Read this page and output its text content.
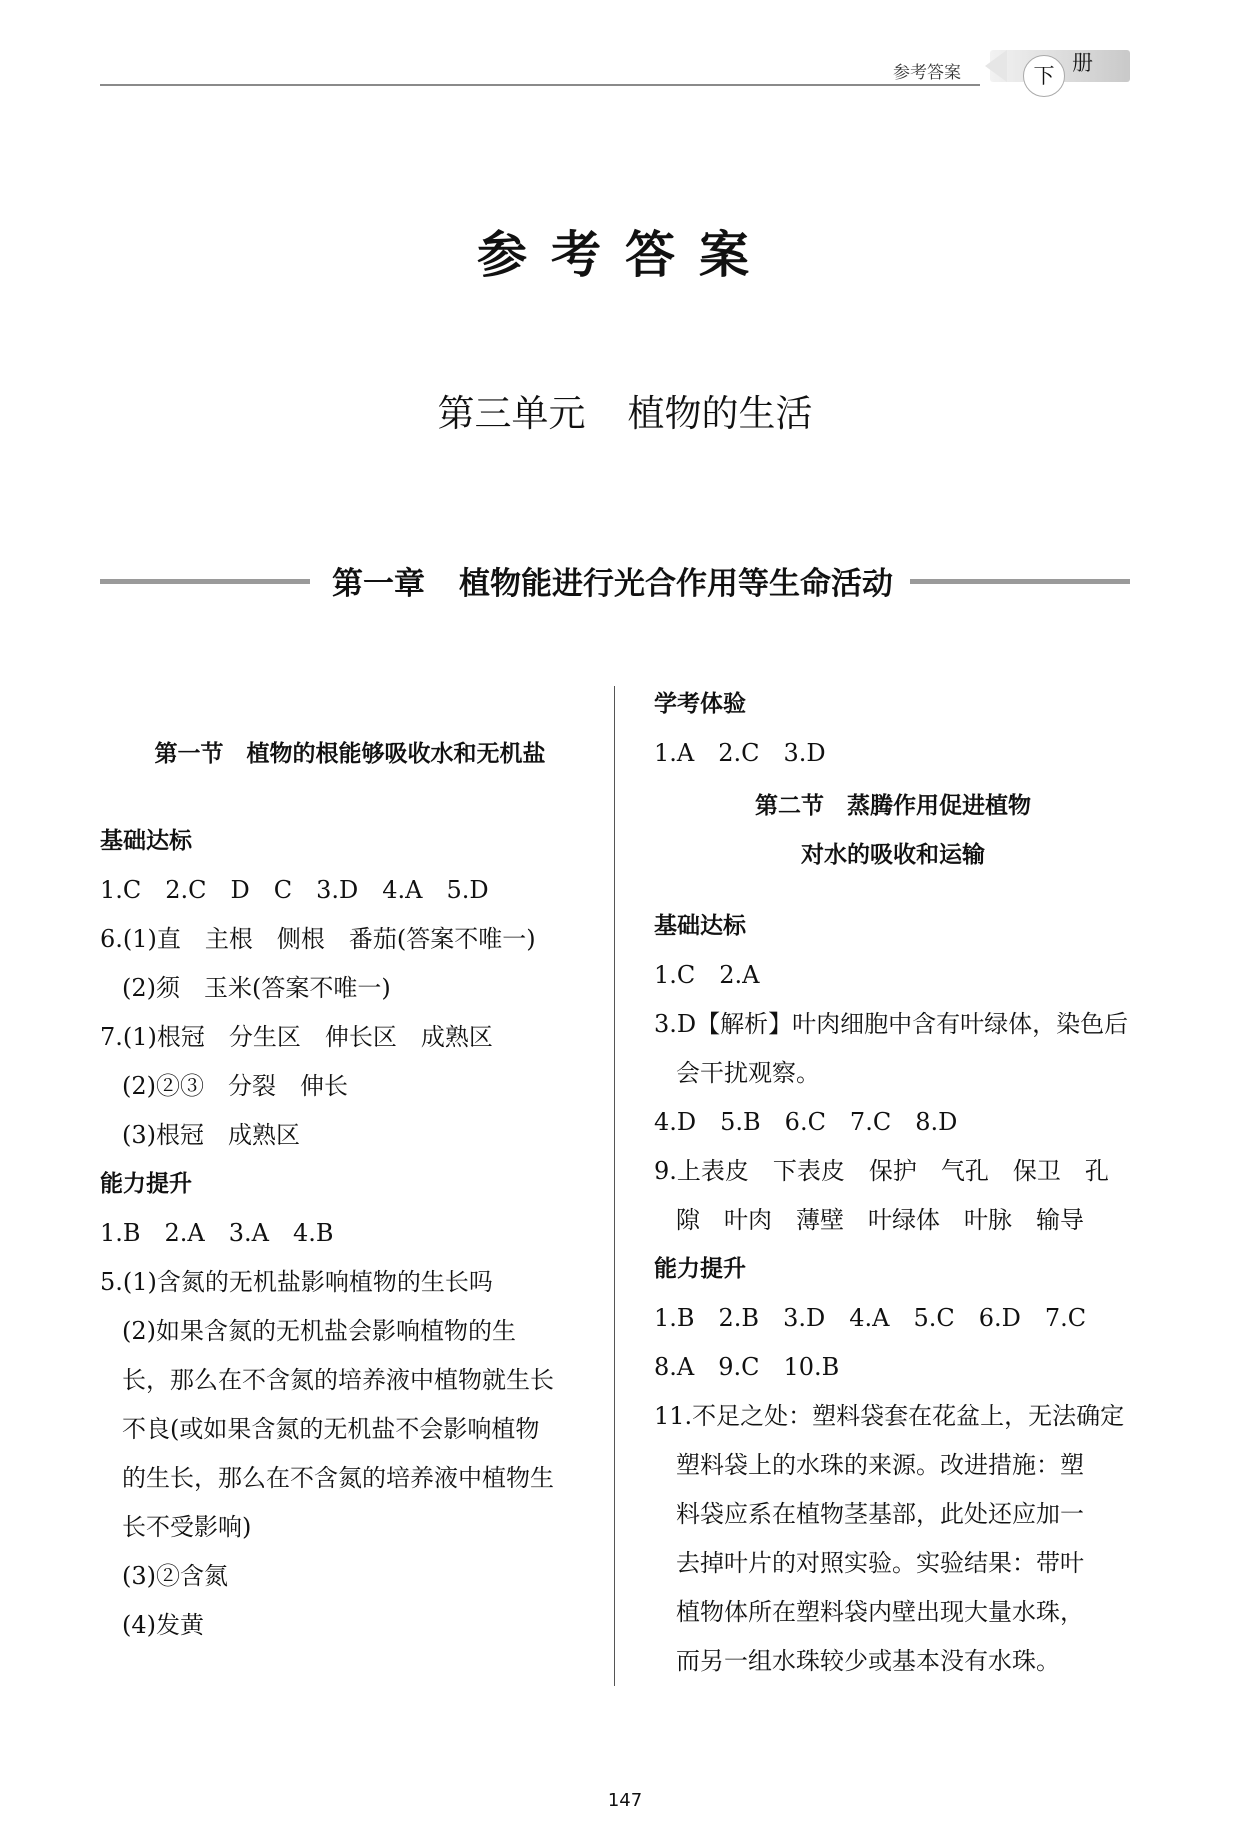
参考答案	下
册
参考答案
第三单元 植物的生活
第一章 植物能进行光合作用等生命活动
第一节　植物的根能够吸收水和无机盐
基础达标
1.C　2.C　D　C　3.D　4.A　5.D
6.(1)直　主根　侧根　番茄(答案不唯一)
(2)须　玉米(答案不唯一)
7.(1)根冠　分生区　伸长区　成熟区
(2)②③　分裂　伸长
(3)根冠　成熟区
能力提升
1.B　2.A　3.A　4.B
5.(1)含氮的无机盐影响植物的生长吗
(2)如果含氮的无机盐会影响植物的生
长，那么在不含氮的培养液中植物就生长
不良(或如果含氮的无机盐不会影响植物
的生长，那么在不含氮的培养液中植物生
长不受影响)
(3)②含氮
(4)发黄
学考体验
1.A　2.C　3.D
第二节　蒸腾作用促进植物
对水的吸收和运输
基础达标
1.C　2.A
3.D【解析】叶肉细胞中含有叶绿体，染色后
会干扰观察。
4.D　5.B　6.C　7.C　8.D
9.上表皮　下表皮　保护　气孔　保卫　孔
隙　叶肉　薄壁　叶绿体　叶脉　输导
能力提升
1.B　2.B　3.D　4.A　5.C　6.D　7.C
8.A　9.C　10.B
11.不足之处：塑料袋套在花盆上，无法确定
塑料袋上的水珠的来源。改进措施：塑
料袋应系在植物茎基部，此处还应加一
去掉叶片的对照实验。实验结果：带叶
植物体所在塑料袋内壁出现大量水珠，
而另一组水珠较少或基本没有水珠。
147
